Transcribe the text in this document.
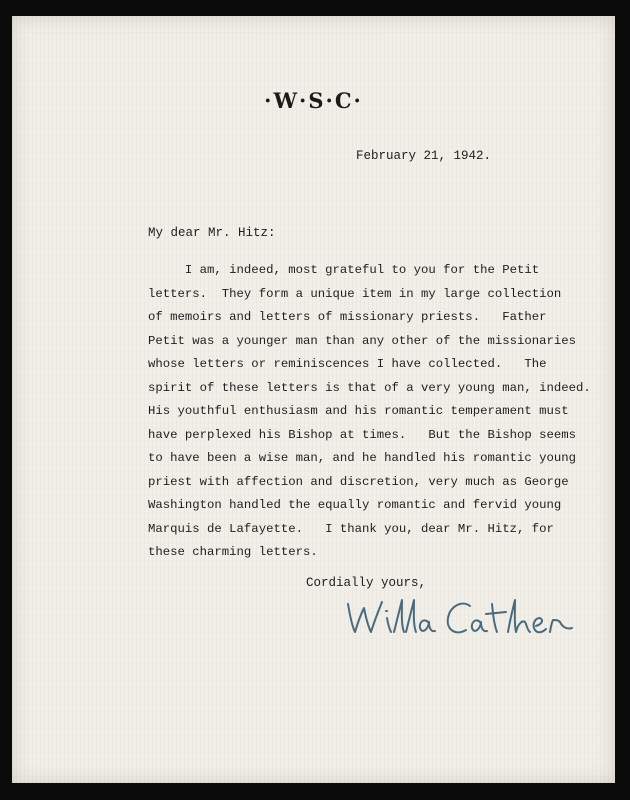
·W·S·C·
February 21, 1942.
My dear Mr. Hitz:
I am, indeed, most grateful to you for the Petit
letters.  They form a unique item in my large collection
of memoirs and letters of missionary priests.   Father
Petit was a younger man than any other of the missionaries
whose letters or reminiscences I have collected.   The
spirit of these letters is that of a very young man, indeed.
His youthful enthusiasm and his romantic temperament must
have perplexed his Bishop at times.   But the Bishop seems
to have been a wise man, and he handled his romantic young
priest with affection and discretion, very much as George
Washington handled the equally romantic and fervid young
Marquis de Lafayette.   I thank you, dear Mr. Hitz, for
these charming letters.
Cordially yours,
